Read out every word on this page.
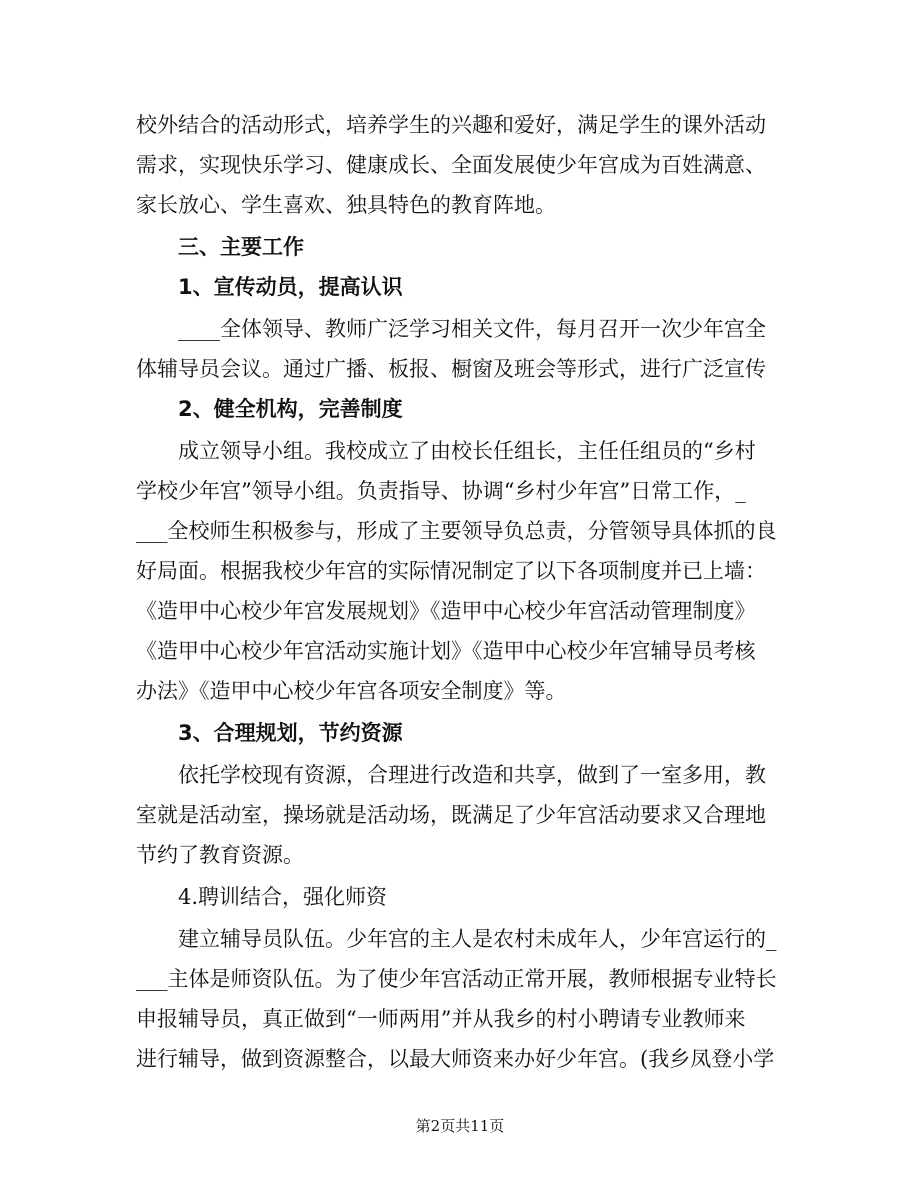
校外结合的活动形式，培养学生的兴趣和爱好，满足学生的课外活动
需求，实现快乐学习、健康成长、全面发展使少年宫成为百姓满意、
家长放心、学生喜欢、独具特色的教育阵地。
三、主要工作
1、宣传动员，提高认识
____全体领导、教师广泛学习相关文件，每月召开一次少年宫全
体辅导员会议。通过广播、板报、橱窗及班会等形式，进行广泛宣传
2、健全机构，完善制度
成立领导小组。我校成立了由校长任组长，主任任组员的“乡村
学校少年宫”领导小组。负责指导、协调“乡村少年宫”日常工作，_
___全校师生积极参与，形成了主要领导负总责，分管领导具体抓的良
好局面。根据我校少年宫的实际情况制定了以下各项制度并已上墙：
《造甲中心校少年宫发展规划》《造甲中心校少年宫活动管理制度》
《造甲中心校少年宫活动实施计划》《造甲中心校少年宫辅导员考核
办法》《造甲中心校少年宫各项安全制度》等。
3、合理规划，节约资源
依托学校现有资源，合理进行改造和共享，做到了一室多用，教
室就是活动室，操场就是活动场，既满足了少年宫活动要求又合理地
节约了教育资源。
4.聘训结合，强化师资
建立辅导员队伍。少年宫的主人是农村未成年人，少年宫运行的_
___主体是师资队伍。为了使少年宫活动正常开展，教师根据专业特长
申报辅导员，真正做到“一师两用”并从我乡的村小聘请专业教师来
进行辅导，做到资源整合，以最大师资来办好少年宫。(我乡凤登小学
第2页共11页
